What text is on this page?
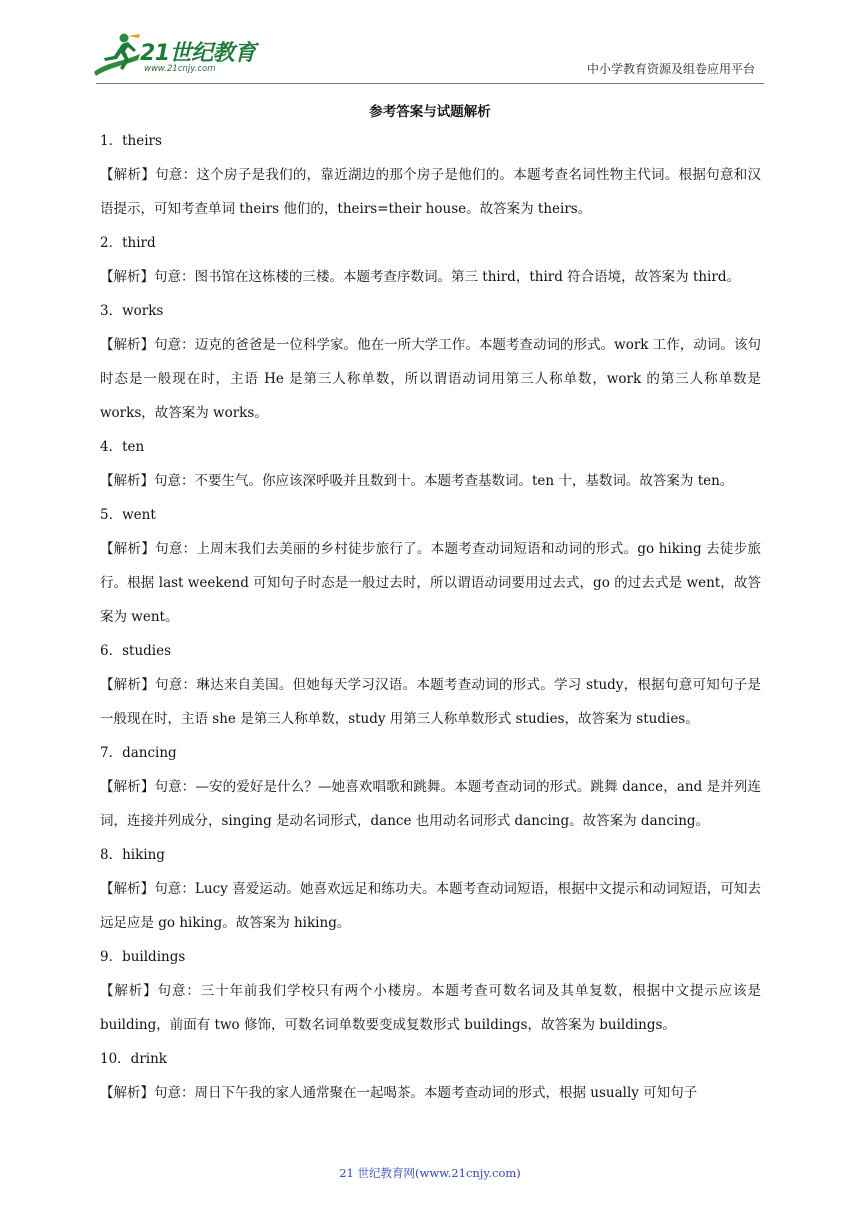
21世纪教育
www.21cnjy.com	中小学教育资源及组卷应用平台
参考答案与试题解析

1．theirs

【解析】句意：这个房子是我们的，靠近湖边的那个房子是他们的。本题考查名词性物主代词。根据句意和汉语提示，可知考查单词 theirs 他们的，theirs=their house。故答案为 theirs。

2．third

【解析】句意：图书馆在这栋楼的三楼。本题考查序数词。第三 third，third 符合语境，故答案为 third。

3．works

【解析】句意：迈克的爸爸是一位科学家。他在一所大学工作。本题考查动词的形式。work 工作，动词。该句时态是一般现在时，主语 He 是第三人称单数，所以谓语动词用第三人称单数，work 的第三人称单数是 works，故答案为 works。

4．ten

【解析】句意：不要生气。你应该深呼吸并且数到十。本题考查基数词。ten 十，基数词。故答案为 ten。

5．went

【解析】句意：上周末我们去美丽的乡村徒步旅行了。本题考查动词短语和动词的形式。go hiking 去徒步旅行。根据 last weekend 可知句子时态是一般过去时，所以谓语动词要用过去式，go 的过去式是 went，故答案为 went。

6．studies

【解析】句意：琳达来自美国。但她每天学习汉语。本题考查动词的形式。学习 study，根据句意可知句子是一般现在时，主语 she 是第三人称单数，study 用第三人称单数形式 studies，故答案为 studies。

7．dancing

【解析】句意：—安的爱好是什么？—她喜欢唱歌和跳舞。本题考查动词的形式。跳舞 dance，and 是并列连词，连接并列成分，singing 是动名词形式，dance 也用动名词形式 dancing。故答案为 dancing。

8．hiking

【解析】句意：Lucy 喜爱运动。她喜欢远足和练功夫。本题考查动词短语，根据中文提示和动词短语，可知去远足应是 go hiking。故答案为 hiking。

9．buildings

【解析】句意：三十年前我们学校只有两个小楼房。本题考查可数名词及其单复数，根据中文提示应该是 building，前面有 two 修饰，可数名词单数要变成复数形式 buildings，故答案为 buildings。

10．drink

【解析】句意：周日下午我的家人通常聚在一起喝茶。本题考查动词的形式，根据 usually 可知句子

21 世纪教育网(www.21cnjy.com)
